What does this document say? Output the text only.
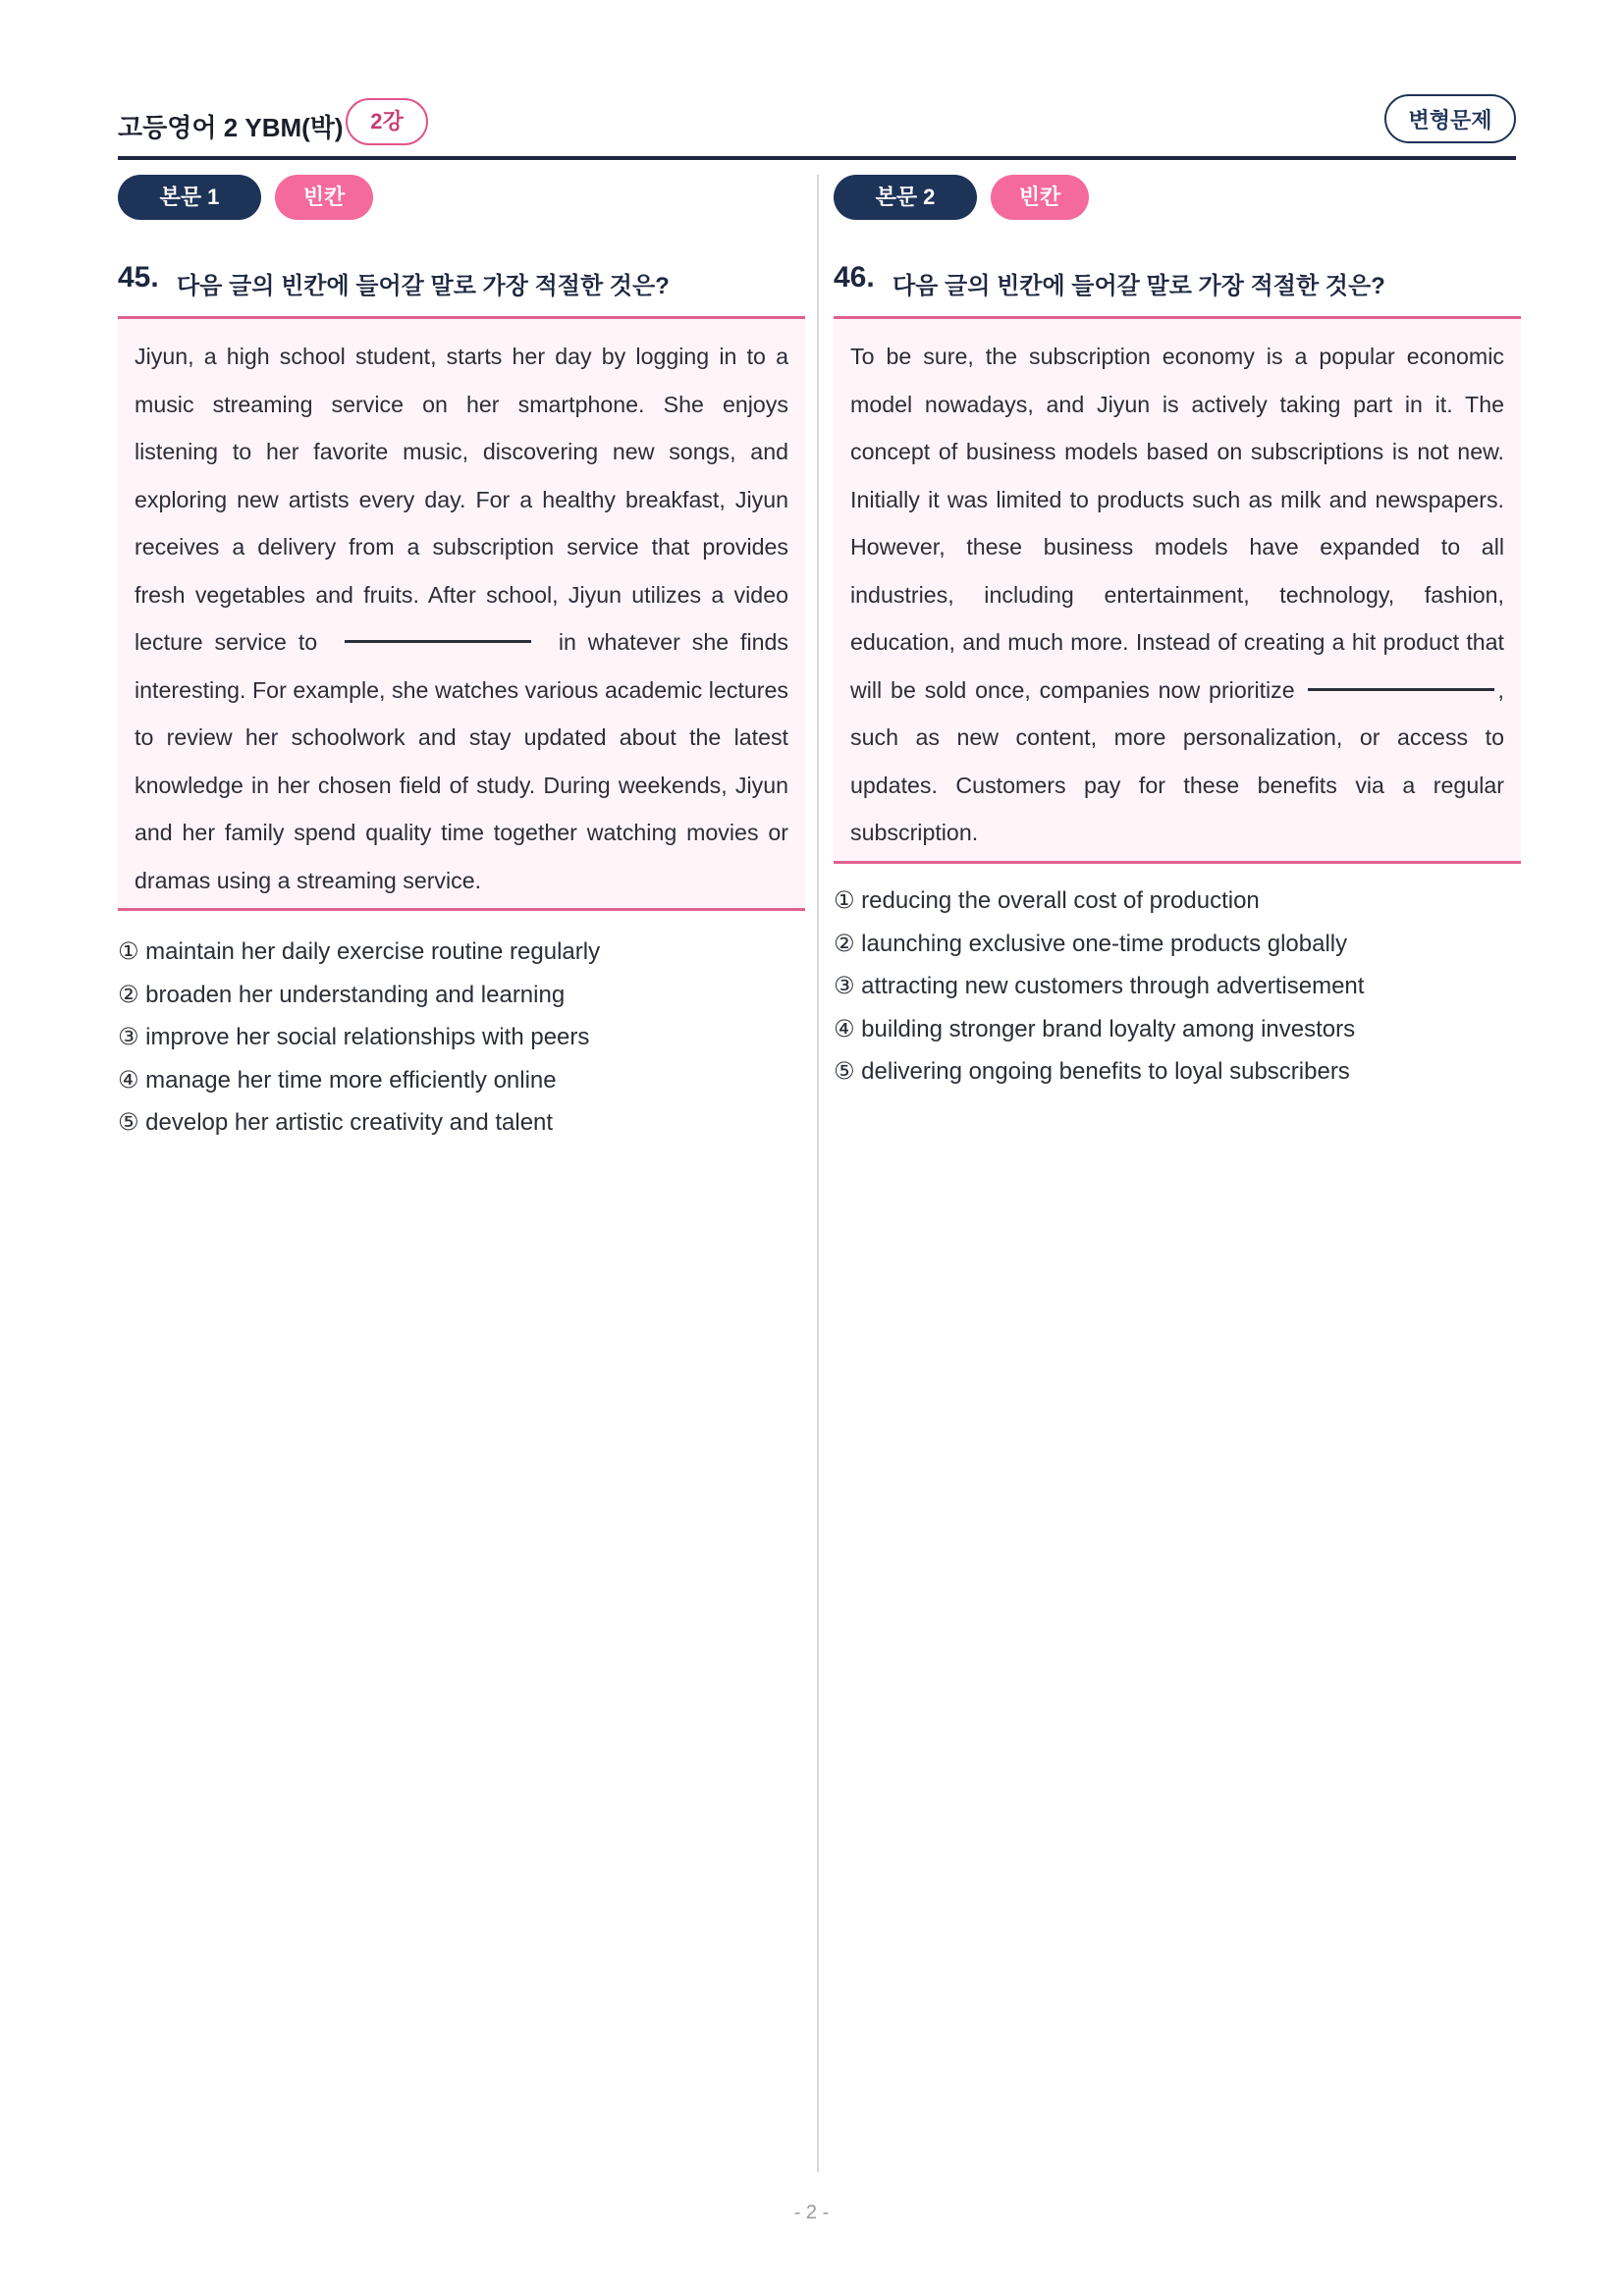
고등영어 2 YBM(박)	2강	변형문제
본문 1	빈칸
45. 다음 글의 빈칸에 들어갈 말로 가장 적절한 것은?
Jiyun, a high school student, starts her day by logging in to a music streaming service on her smartphone. She enjoys listening to her favorite music, discovering new songs, and exploring new artists every day. For a healthy breakfast, Jiyun receives a delivery from a subscription service that provides fresh vegetables and fruits. After school, Jiyun utilizes a video lecture service to	in whatever she finds interesting. For example, she watches various academic lectures to review her schoolwork and stay updated about the latest knowledge in her chosen field of study. During weekends, Jiyun and her family spend quality time together watching movies or dramas using a streaming service.
① maintain her daily exercise routine regularly
② broaden her understanding and learning
③ improve her social relationships with peers
④ manage her time more efficiently online
⑤ develop her artistic creativity and talent
본문 2	빈칸
46. 다음 글의 빈칸에 들어갈 말로 가장 적절한 것은?
To be sure, the subscription economy is a popular economic model nowadays, and Jiyun is actively taking part in it. The concept of business models based on subscriptions is not new. Initially it was limited to products such as milk and newspapers. However, these business models have expanded to all industries, including entertainment, technology, fashion, education, and much more. Instead of creating a hit product that will be sold once, companies now prioritize	, such as new content, more personalization, or access to updates. Customers pay for these benefits via a regular subscription.
① reducing the overall cost of production
② launching exclusive one-time products globally
③ attracting new customers through advertisement
④ building stronger brand loyalty among investors
⑤ delivering ongoing benefits to loyal subscribers
- 2 -
